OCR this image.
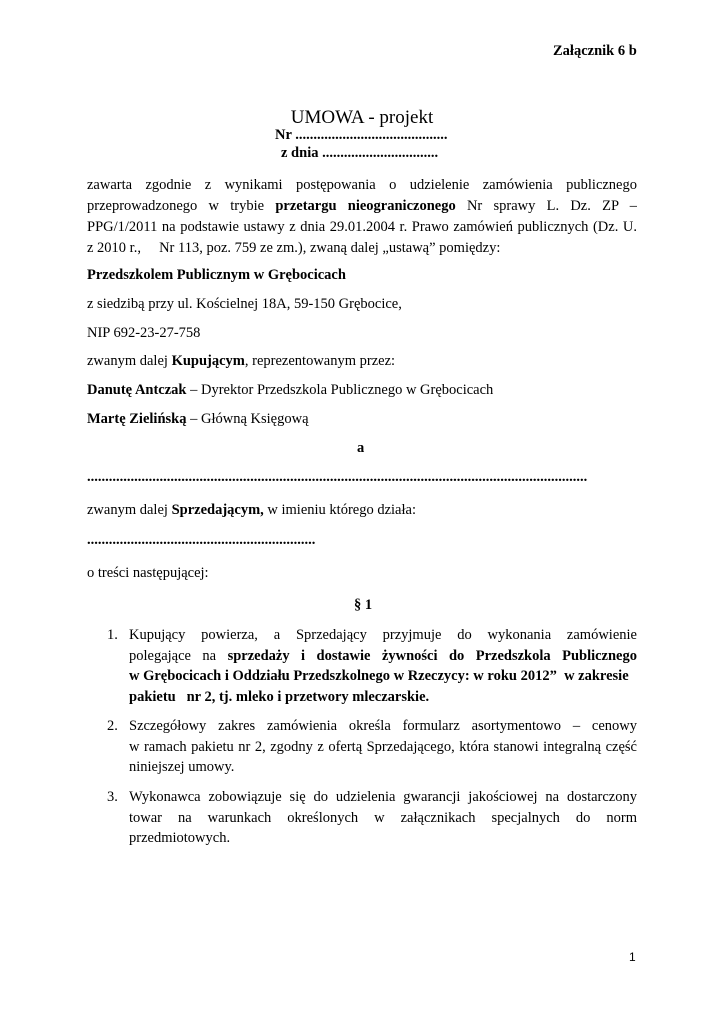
Załącznik 6 b
UMOWA - projekt
Nr ..........................................
z dnia ................................
zawarta zgodnie z wynikami postępowania o udzielenie zamówienia publicznego
przeprowadzonego w trybie przetargu nieograniczonego Nr sprawy L. Dz. ZP –
PPG/1/2011 na podstawie ustawy z dnia 29.01.2004 r. Prawo zamówień publicznych (Dz. U.
z 2010 r.,     Nr 113, poz. 759 ze zm.), zwaną dalej „ustawą” pomiędzy:
Przedszkolem Publicznym w Grębocicach
z siedzibą przy ul. Kościelnej 18A, 59-150 Grębocice,
NIP 692-23-27-758
zwanym dalej Kupującym, reprezentowanym przez:
Danutę Antczak – Dyrektor Przedszkola Publicznego w Grębocicach
Martę Zielińską – Główną Księgową
a
..........................................................................................................................................
zwanym dalej Sprzedającym, w imieniu którego działa:
...............................................................
o treści następującej:
§ 1
1. Kupujący powierza, a Sprzedający przyjmuje do wykonania zamówienie
polegające na sprzedaży i dostawie żywności do Przedszkola Publicznego
w Grębocicach i Oddziału Przedszkolnego w Rzeczycy: w roku 2012”  w zakresie
pakietu   nr 2, tj. mleko i przetwory mleczarskie.
2. Szczegółowy zakres zamówienia określa formularz asortymentowo – cenowy
w ramach pakietu nr 2, zgodny z ofertą Sprzedającego, która stanowi integralną część
niniejszej umowy.
3. Wykonawca zobowiązuje się do udzielenia gwarancji jakościowej na dostarczony
towar na warunkach określonych w załącznikach specjalnych do norm
przedmiotowych.
1
